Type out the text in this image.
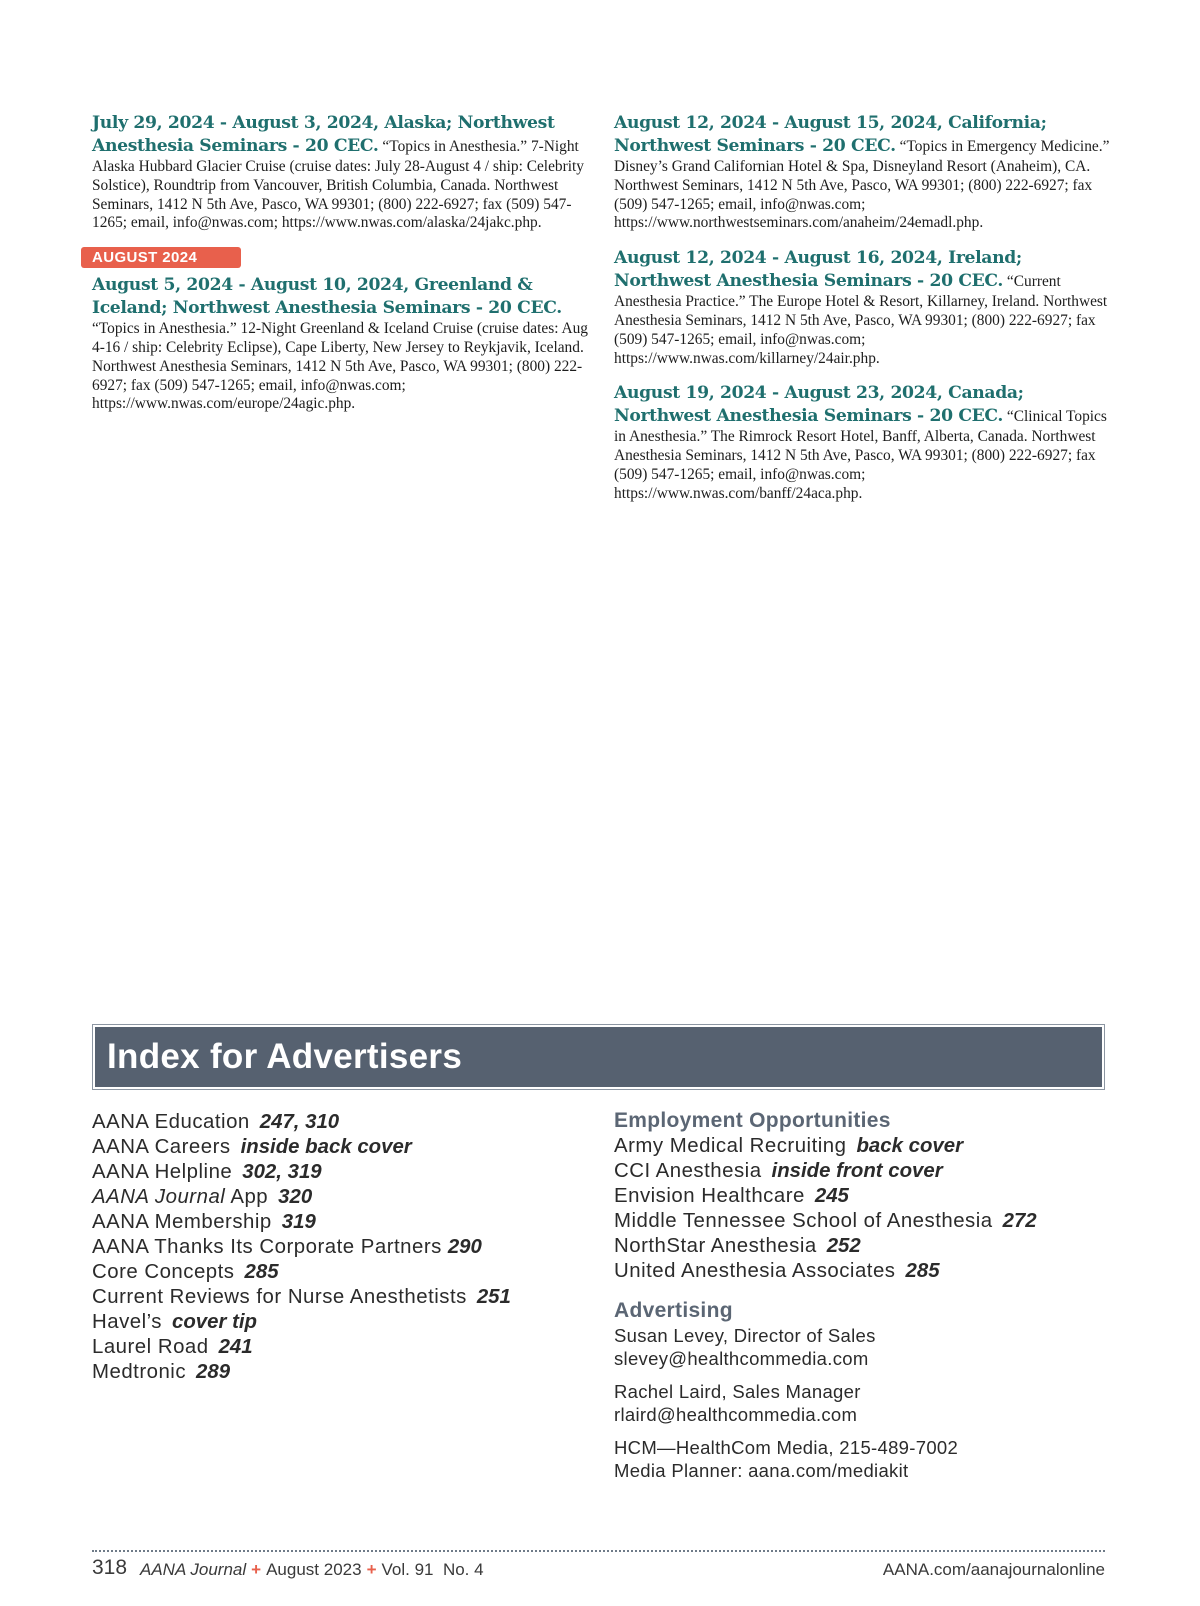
July 29, 2024 - August 3, 2024, Alaska; Northwest Anesthesia Seminars - 20 CEC. “Topics in Anesthesia.” 7-Night Alaska Hubbard Glacier Cruise (cruise dates: July 28-August 4 / ship: Celebrity Solstice), Roundtrip from Vancouver, British Columbia, Canada. Northwest Seminars, 1412 N 5th Ave, Pasco, WA 99301; (800) 222-6927; fax (509) 547-1265; email, info@nwas.com; https://www.nwas.com/alaska/24jakc.php.
AUGUST 2024
August 5, 2024 - August 10, 2024, Greenland & Iceland; Northwest Anesthesia Seminars - 20 CEC. “Topics in Anesthesia.” 12-Night Greenland & Iceland Cruise (cruise dates: Aug 4-16 / ship: Celebrity Eclipse), Cape Liberty, New Jersey to Reykjavik, Iceland. Northwest Anesthesia Seminars, 1412 N 5th Ave, Pasco, WA 99301; (800) 222-6927; fax (509) 547-1265; email, info@nwas.com; https://www.nwas.com/europe/24agic.php.
August 12, 2024 - August 15, 2024, California; Northwest Seminars - 20 CEC. “Topics in Emergency Medicine.” Disney’s Grand Californian Hotel & Spa, Disneyland Resort (Anaheim), CA. Northwest Seminars, 1412 N 5th Ave, Pasco, WA 99301; (800) 222-6927; fax (509) 547-1265; email, info@nwas.com; https://www.northwestseminars.com/anaheim/24emadl.php.
August 12, 2024 - August 16, 2024, Ireland; Northwest Anesthesia Seminars - 20 CEC. “Current Anesthesia Practice.” The Europe Hotel & Resort, Killarney, Ireland. Northwest Anesthesia Seminars, 1412 N 5th Ave, Pasco, WA 99301; (800) 222-6927; fax (509) 547-1265; email, info@nwas.com; https://www.nwas.com/killarney/24air.php.
August 19, 2024 - August 23, 2024, Canada; Northwest Anesthesia Seminars - 20 CEC. “Clinical Topics in Anesthesia.” The Rimrock Resort Hotel, Banff, Alberta, Canada. Northwest Anesthesia Seminars, 1412 N 5th Ave, Pasco, WA 99301; (800) 222-6927; fax (509) 547-1265; email, info@nwas.com; https://www.nwas.com/banff/24aca.php.
Index for Advertisers
AANA Education 247, 310
AANA Careers inside back cover
AANA Helpline 302, 319
AANA Journal App 320
AANA Membership 319
AANA Thanks Its Corporate Partners 290
Core Concepts 285
Current Reviews for Nurse Anesthetists 251
Havel’s cover tip
Laurel Road 241
Medtronic 289
Employment Opportunities
Army Medical Recruiting back cover
CCI Anesthesia inside front cover
Envision Healthcare 245
Middle Tennessee School of Anesthesia 272
NorthStar Anesthesia 252
United Anesthesia Associates 285
Advertising
Susan Levey, Director of Sales
slevey@healthcommedia.com
Rachel Laird, Sales Manager
rlaird@healthcommedia.com
HCM—HealthCom Media, 215-489-7002
Media Planner: aana.com/mediakit
318 AANA Journal + August 2023 + Vol. 91 No. 4	AANA.com/aanajournalonline
